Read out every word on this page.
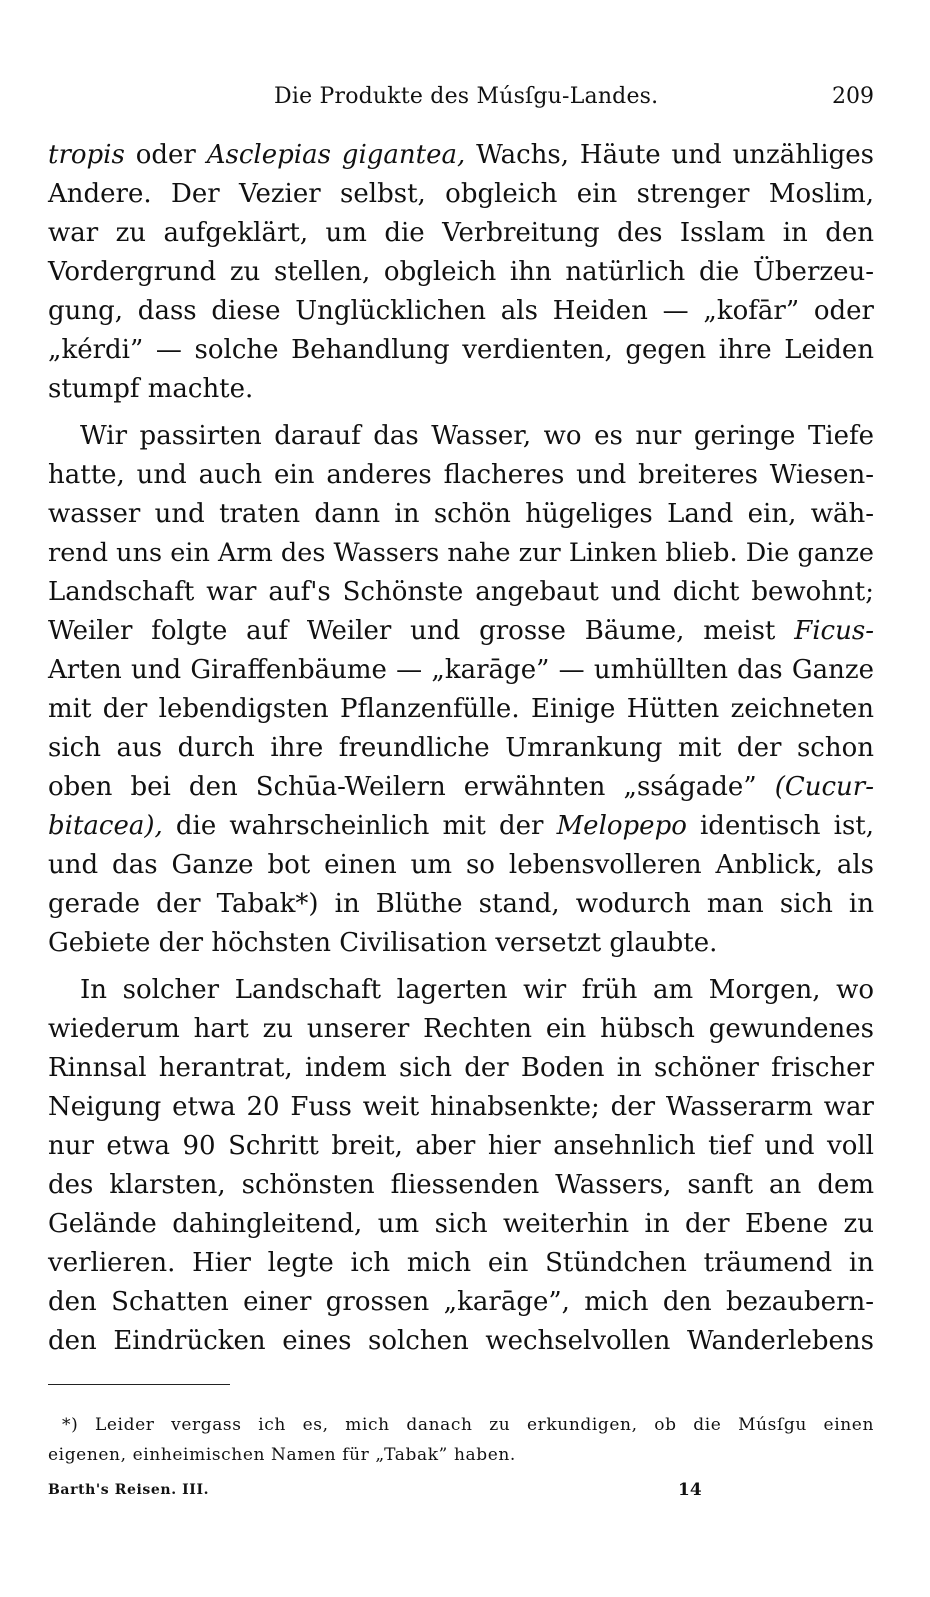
Die Produkte des Músſgu-Landes.	209

tropis oder Asclepias gigantea, Wachs, Häute und unzähliges
Andere. Der Vezier selbst, obgleich ein strenger Moslim,
war zu aufgeklärt, um die Verbreitung des Isslam in den
Vordergrund zu stellen, obgleich ihn natürlich die Überzeu-
gung, dass diese Unglücklichen als Heiden — „kofār” oder
„kérdi” — solche Behandlung verdienten, gegen ihre Leiden
stumpf machte.

Wir passirten darauf das Wasser, wo es nur geringe Tiefe
hatte, und auch ein anderes flacheres und breiteres Wiesen-
wasser und traten dann in schön hügeliges Land ein, wäh-
rend uns ein Arm des Wassers nahe zur Linken blieb. Die ganze
Landschaft war auf's Schönste angebaut und dicht bewohnt;
Weiler folgte auf Weiler und grosse Bäume, meist Ficus-
Arten und Giraffenbäume — „karāge” — umhüllten das Ganze
mit der lebendigsten Pflanzenfülle. Einige Hütten zeichneten
sich aus durch ihre freundliche Umrankung mit der schon
oben bei den Schūa-Weilern erwähnten „sságade” (Cucur-
bitacea), die wahrscheinlich mit der Melopepo identisch ist,
und das Ganze bot einen um so lebensvolleren Anblick, als
gerade der Tabak*) in Blüthe stand, wodurch man sich in
Gebiete der höchsten Civilisation versetzt glaubte.

In solcher Landschaft lagerten wir früh am Morgen, wo
wiederum hart zu unserer Rechten ein hübsch gewundenes
Rinnsal herantrat, indem sich der Boden in schöner frischer
Neigung etwa 20 Fuss weit hinabsenkte; der Wasserarm war
nur etwa 90 Schritt breit, aber hier ansehnlich tief und voll
des klarsten, schönsten fliessenden Wassers, sanft an dem
Gelände dahingleitend, um sich weiterhin in der Ebene zu
verlieren. Hier legte ich mich ein Stündchen träumend in
den Schatten einer grossen „karāge”, mich den bezaubern-
den Eindrücken eines solchen wechselvollen Wanderlebens

*) Leider vergass ich es, mich danach zu erkundigen, ob die Músſgu einen
eigenen, einheimischen Namen für „Tabak” haben.
Barth's Reisen. III.	14
